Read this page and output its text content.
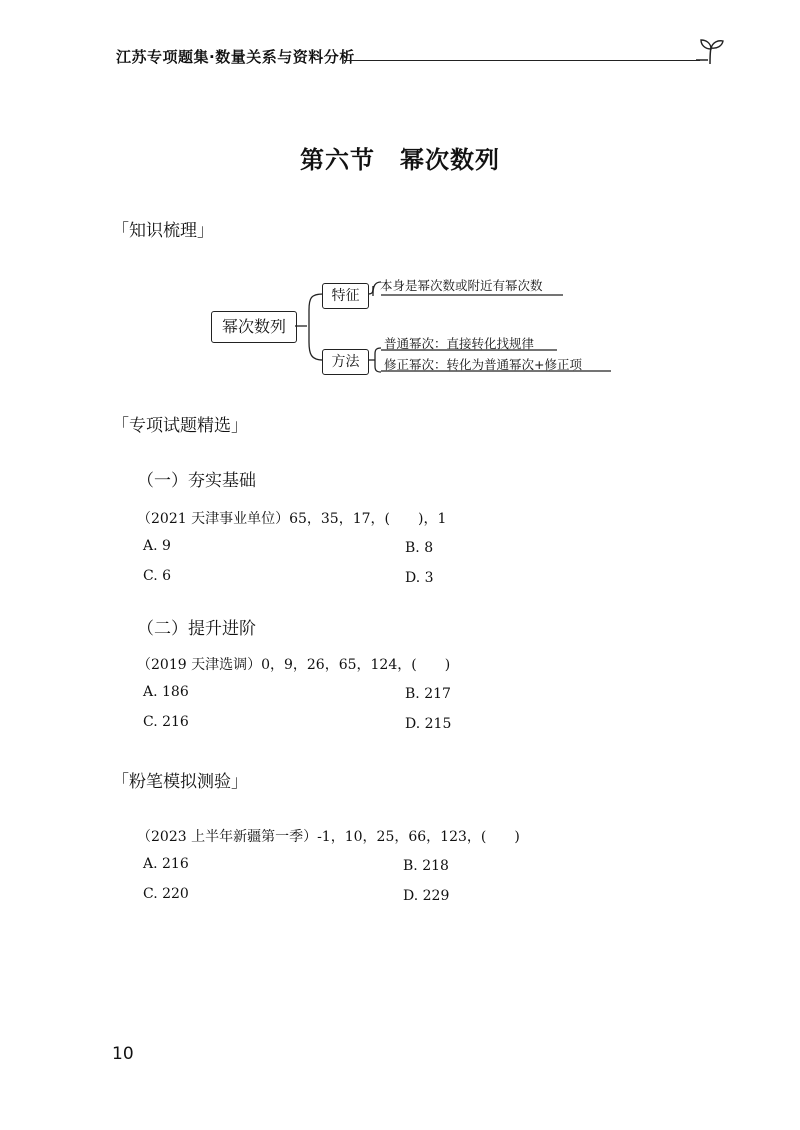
江苏专项题集·数量关系与资料分析
第六节　幂次数列
「知识梳理」
幂次数列
特征
本身是幂次数或附近有幂次数
方法
普通幂次：直接转化找规律
修正幂次：转化为普通幂次+修正项
「专项试题精选」
（一）夯实基础
（2021 天津事业单位）65，35，17，(　　)，1
A. 9	B. 8
C. 6	D. 3
（二）提升进阶
（2019 天津选调）0，9，26，65，124，(　　)
A. 186	B. 217
C. 216	D. 215
「粉笔模拟测验」
（2023 上半年新疆第一季）-1，10，25，66，123，(　　)
A. 216	B. 218
C. 220	D. 229
10
